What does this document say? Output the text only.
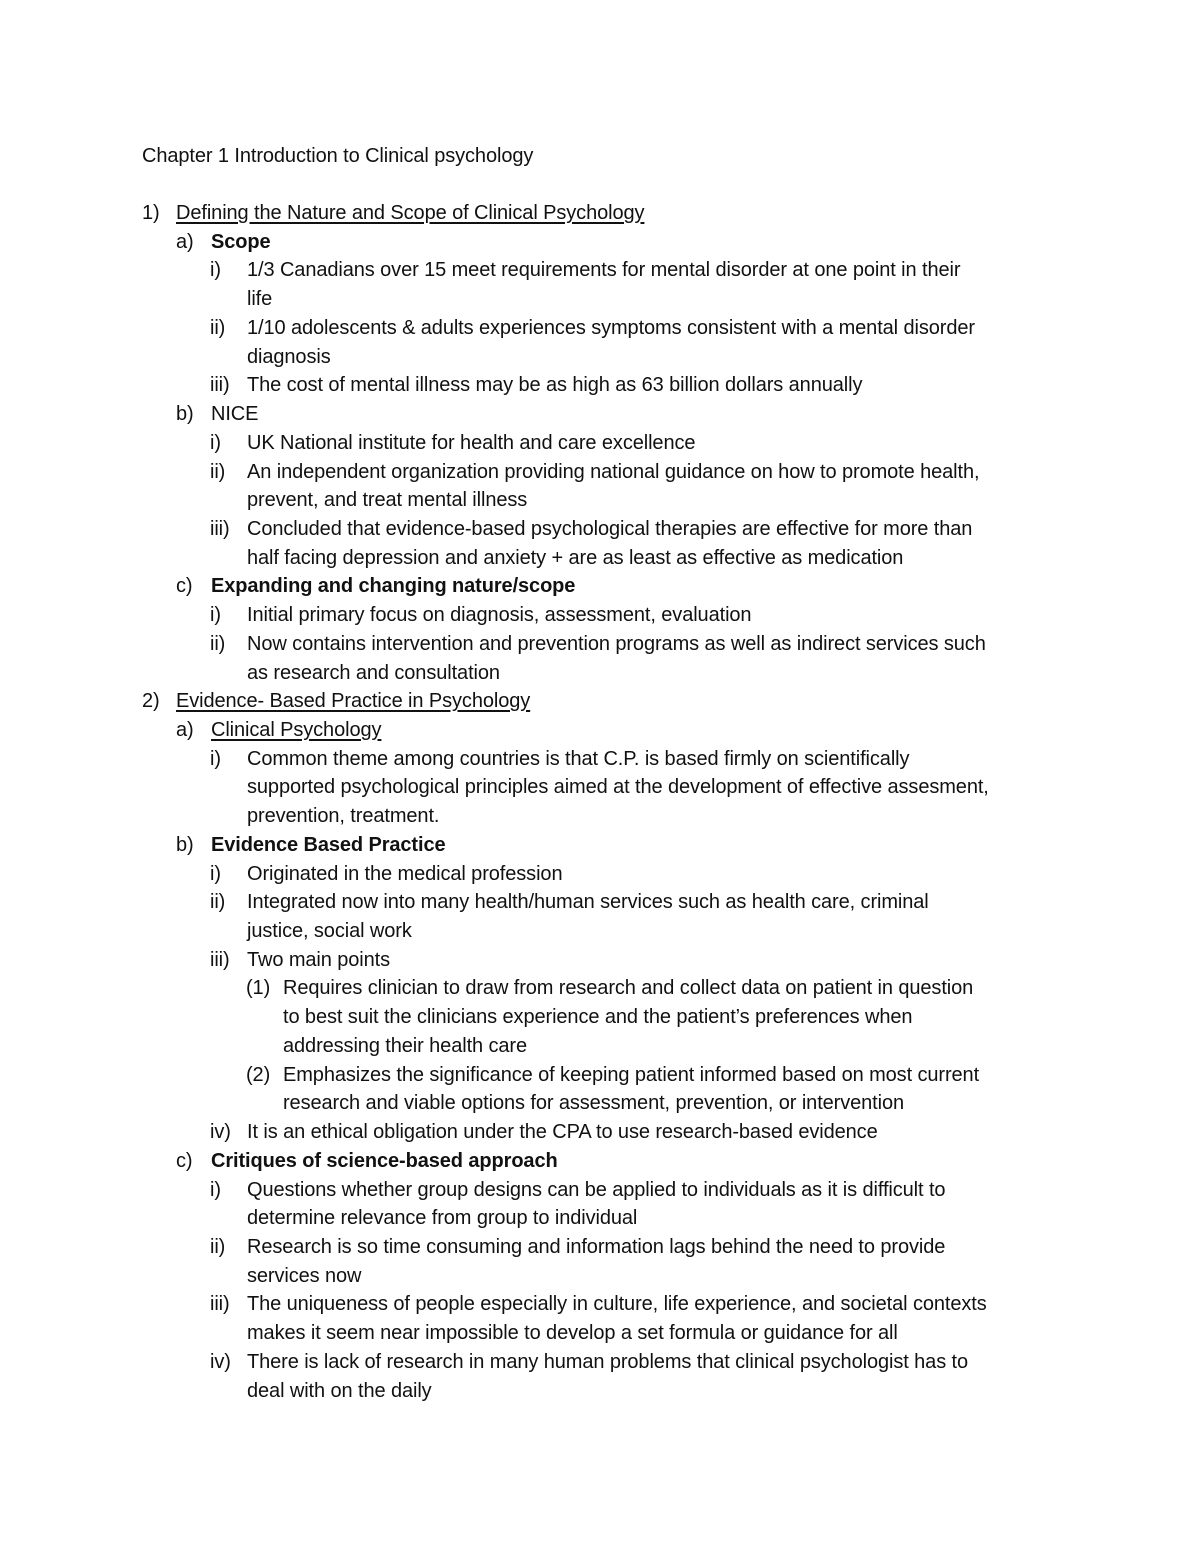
Chapter 1 Introduction to Clinical psychology
1) Defining the Nature and Scope of Clinical Psychology
a) Scope
i) 1/3 Canadians over 15 meet requirements for mental disorder at one point in their
life
ii) 1/10 adolescents & adults experiences symptoms consistent with a mental disorder
diagnosis
iii) The cost of mental illness may be as high as 63 billion dollars annually
b) NICE
i) UK National institute for health and care excellence
ii) An independent organization providing national guidance on how to promote health,
prevent, and treat mental illness
iii) Concluded that evidence-based psychological therapies are effective for more than
half facing depression and anxiety + are as least as effective as medication
c) Expanding and changing nature/scope
i) Initial primary focus on diagnosis, assessment, evaluation
ii) Now contains intervention and prevention programs as well as indirect services such
as research and consultation
2) Evidence- Based Practice in Psychology
a) Clinical Psychology
i) Common theme among countries is that C.P. is based firmly on scientifically
supported psychological principles aimed at the development of effective assesment,
prevention, treatment.
b) Evidence Based Practice
i) Originated in the medical profession
ii) Integrated now into many health/human services such as health care, criminal
justice, social work
iii) Two main points
(1) Requires clinician to draw from research and collect data on patient in question
to best suit the clinicians experience and the patient’s preferences when
addressing their health care
(2) Emphasizes the significance of keeping patient informed based on most current
research and viable options for assessment, prevention, or intervention
iv) It is an ethical obligation under the CPA to use research-based evidence
c) Critiques of science-based approach
i) Questions whether group designs can be applied to individuals as it is difficult to
determine relevance from group to individual
ii) Research is so time consuming and information lags behind the need to provide
services now
iii) The uniqueness of people especially in culture, life experience, and societal contexts
makes it seem near impossible to develop a set formula or guidance for all
iv) There is lack of research in many human problems that clinical psychologist has to
deal with on the daily
